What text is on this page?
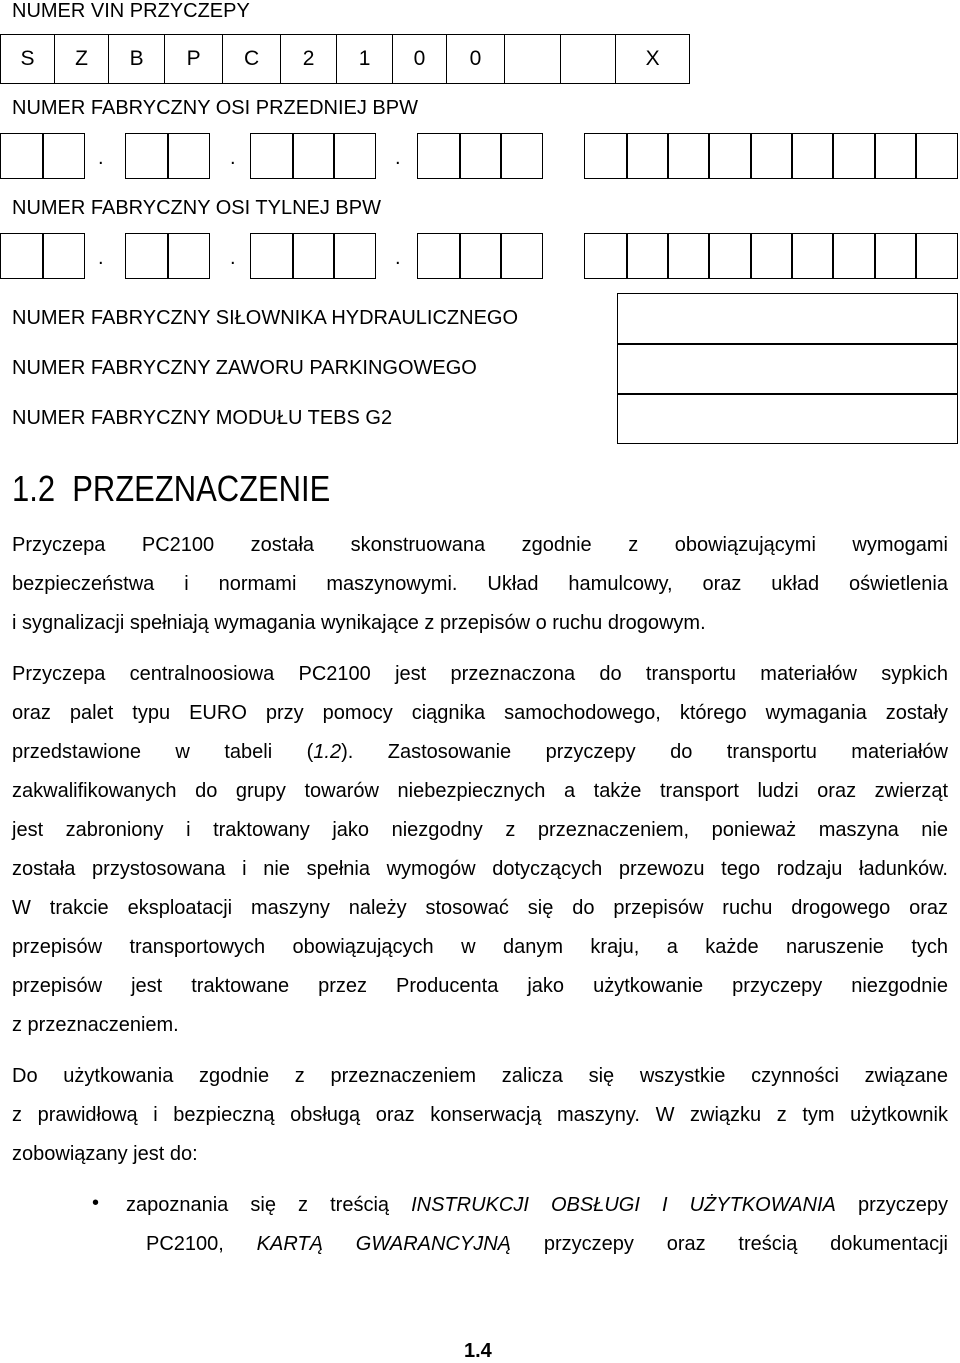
NUMER VIN PRZYCZEPY
S	Z	B	P	C	2	1	0	0			X
NUMER FABRYCZNY OSI PRZEDNIEJ BPW
.	.	.
NUMER FABRYCZNY OSI TYLNEJ BPW
.	.	.
NUMER FABRYCZNY SIŁOWNIKA HYDRAULICZNEGO
NUMER FABRYCZNY ZAWORU PARKINGOWEGO
NUMER FABRYCZNY MODUŁU TEBS G2
1.2 PRZEZNACZENIE
Przyczepa PC2100 została skonstruowana zgodnie z obowiązującymi wymogami
bezpieczeństwa i normami maszynowymi. Układ hamulcowy, oraz układ oświetlenia
i sygnalizacji spełniają wymagania wynikające z przepisów o ruchu drogowym.
Przyczepa centralnoosiowa PC2100 jest przeznaczona do transportu materiałów sypkich
oraz palet typu EURO przy pomocy ciągnika samochodowego, którego wymagania zostały
przedstawione w tabeli (1.2). Zastosowanie przyczepy do transportu materiałów
zakwalifikowanych do grupy towarów niebezpiecznych a także transport ludzi oraz zwierząt
jest zabroniony i traktowany jako niezgodny z przeznaczeniem, ponieważ maszyna nie
została przystosowana i nie spełnia wymogów dotyczących przewozu tego rodzaju ładunków.
W trakcie eksploatacji maszyny należy stosować się do przepisów ruchu drogowego oraz
przepisów transportowych obowiązujących w danym kraju, a każde naruszenie tych
przepisów jest traktowane przez Producenta jako użytkowanie przyczepy niezgodnie
z przeznaczeniem.
Do użytkowania zgodnie z przeznaczeniem zalicza się wszystkie czynności związane
z prawidłową i bezpieczną obsługą oraz konserwacją maszyny. W związku z tym użytkownik
zobowiązany jest do:
• zapoznania się z treścią INSTRUKCJI OBSŁUGI I UŻYTKOWANIA przyczepy
PC2100, KARTĄ GWARANCYJNĄ przyczepy oraz treścią dokumentacji
1.4
